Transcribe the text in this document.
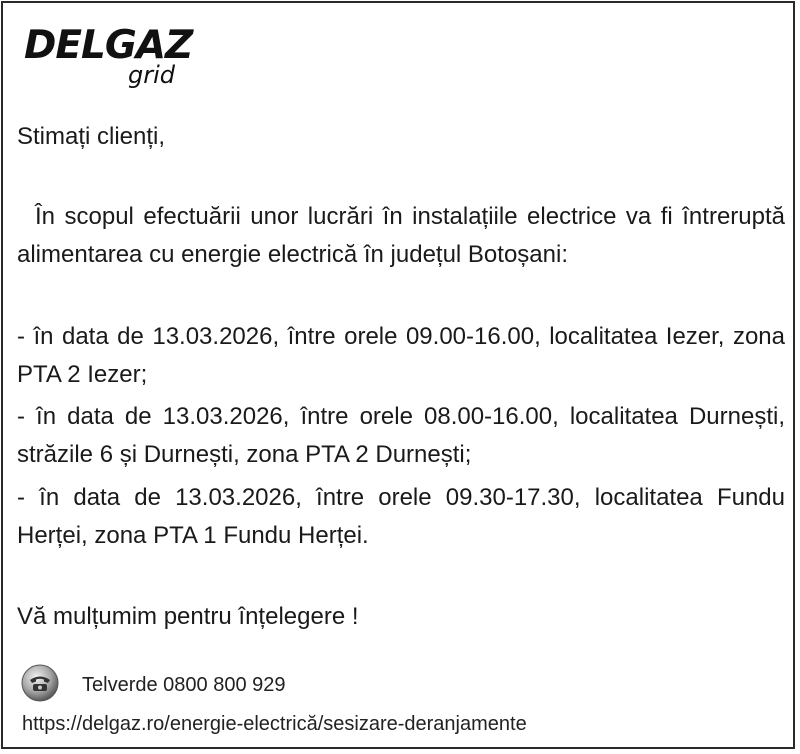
DELGAZ
grid
Stimați clienți,
În scopul efectuării unor lucrări în instalațiile electrice va fi întreruptă alimentarea cu energie electrică în județul Botoșani:
- în data de 13.03.2026, între orele 09.00-16.00, localitatea Iezer, zona PTA 2 Iezer;
- în data de 13.03.2026, între orele 08.00-16.00, localitatea Durnești, străzile 6 și Durnești, zona PTA 2 Durnești;
- în data de 13.03.2026, între orele 09.30-17.30, localitatea Fundu Herței, zona PTA 1 Fundu Herței.
Vă mulțumim pentru înțelegere !
Telverde 0800 800 929
https://delgaz.ro/energie-electrică/sesizare-deranjamente
